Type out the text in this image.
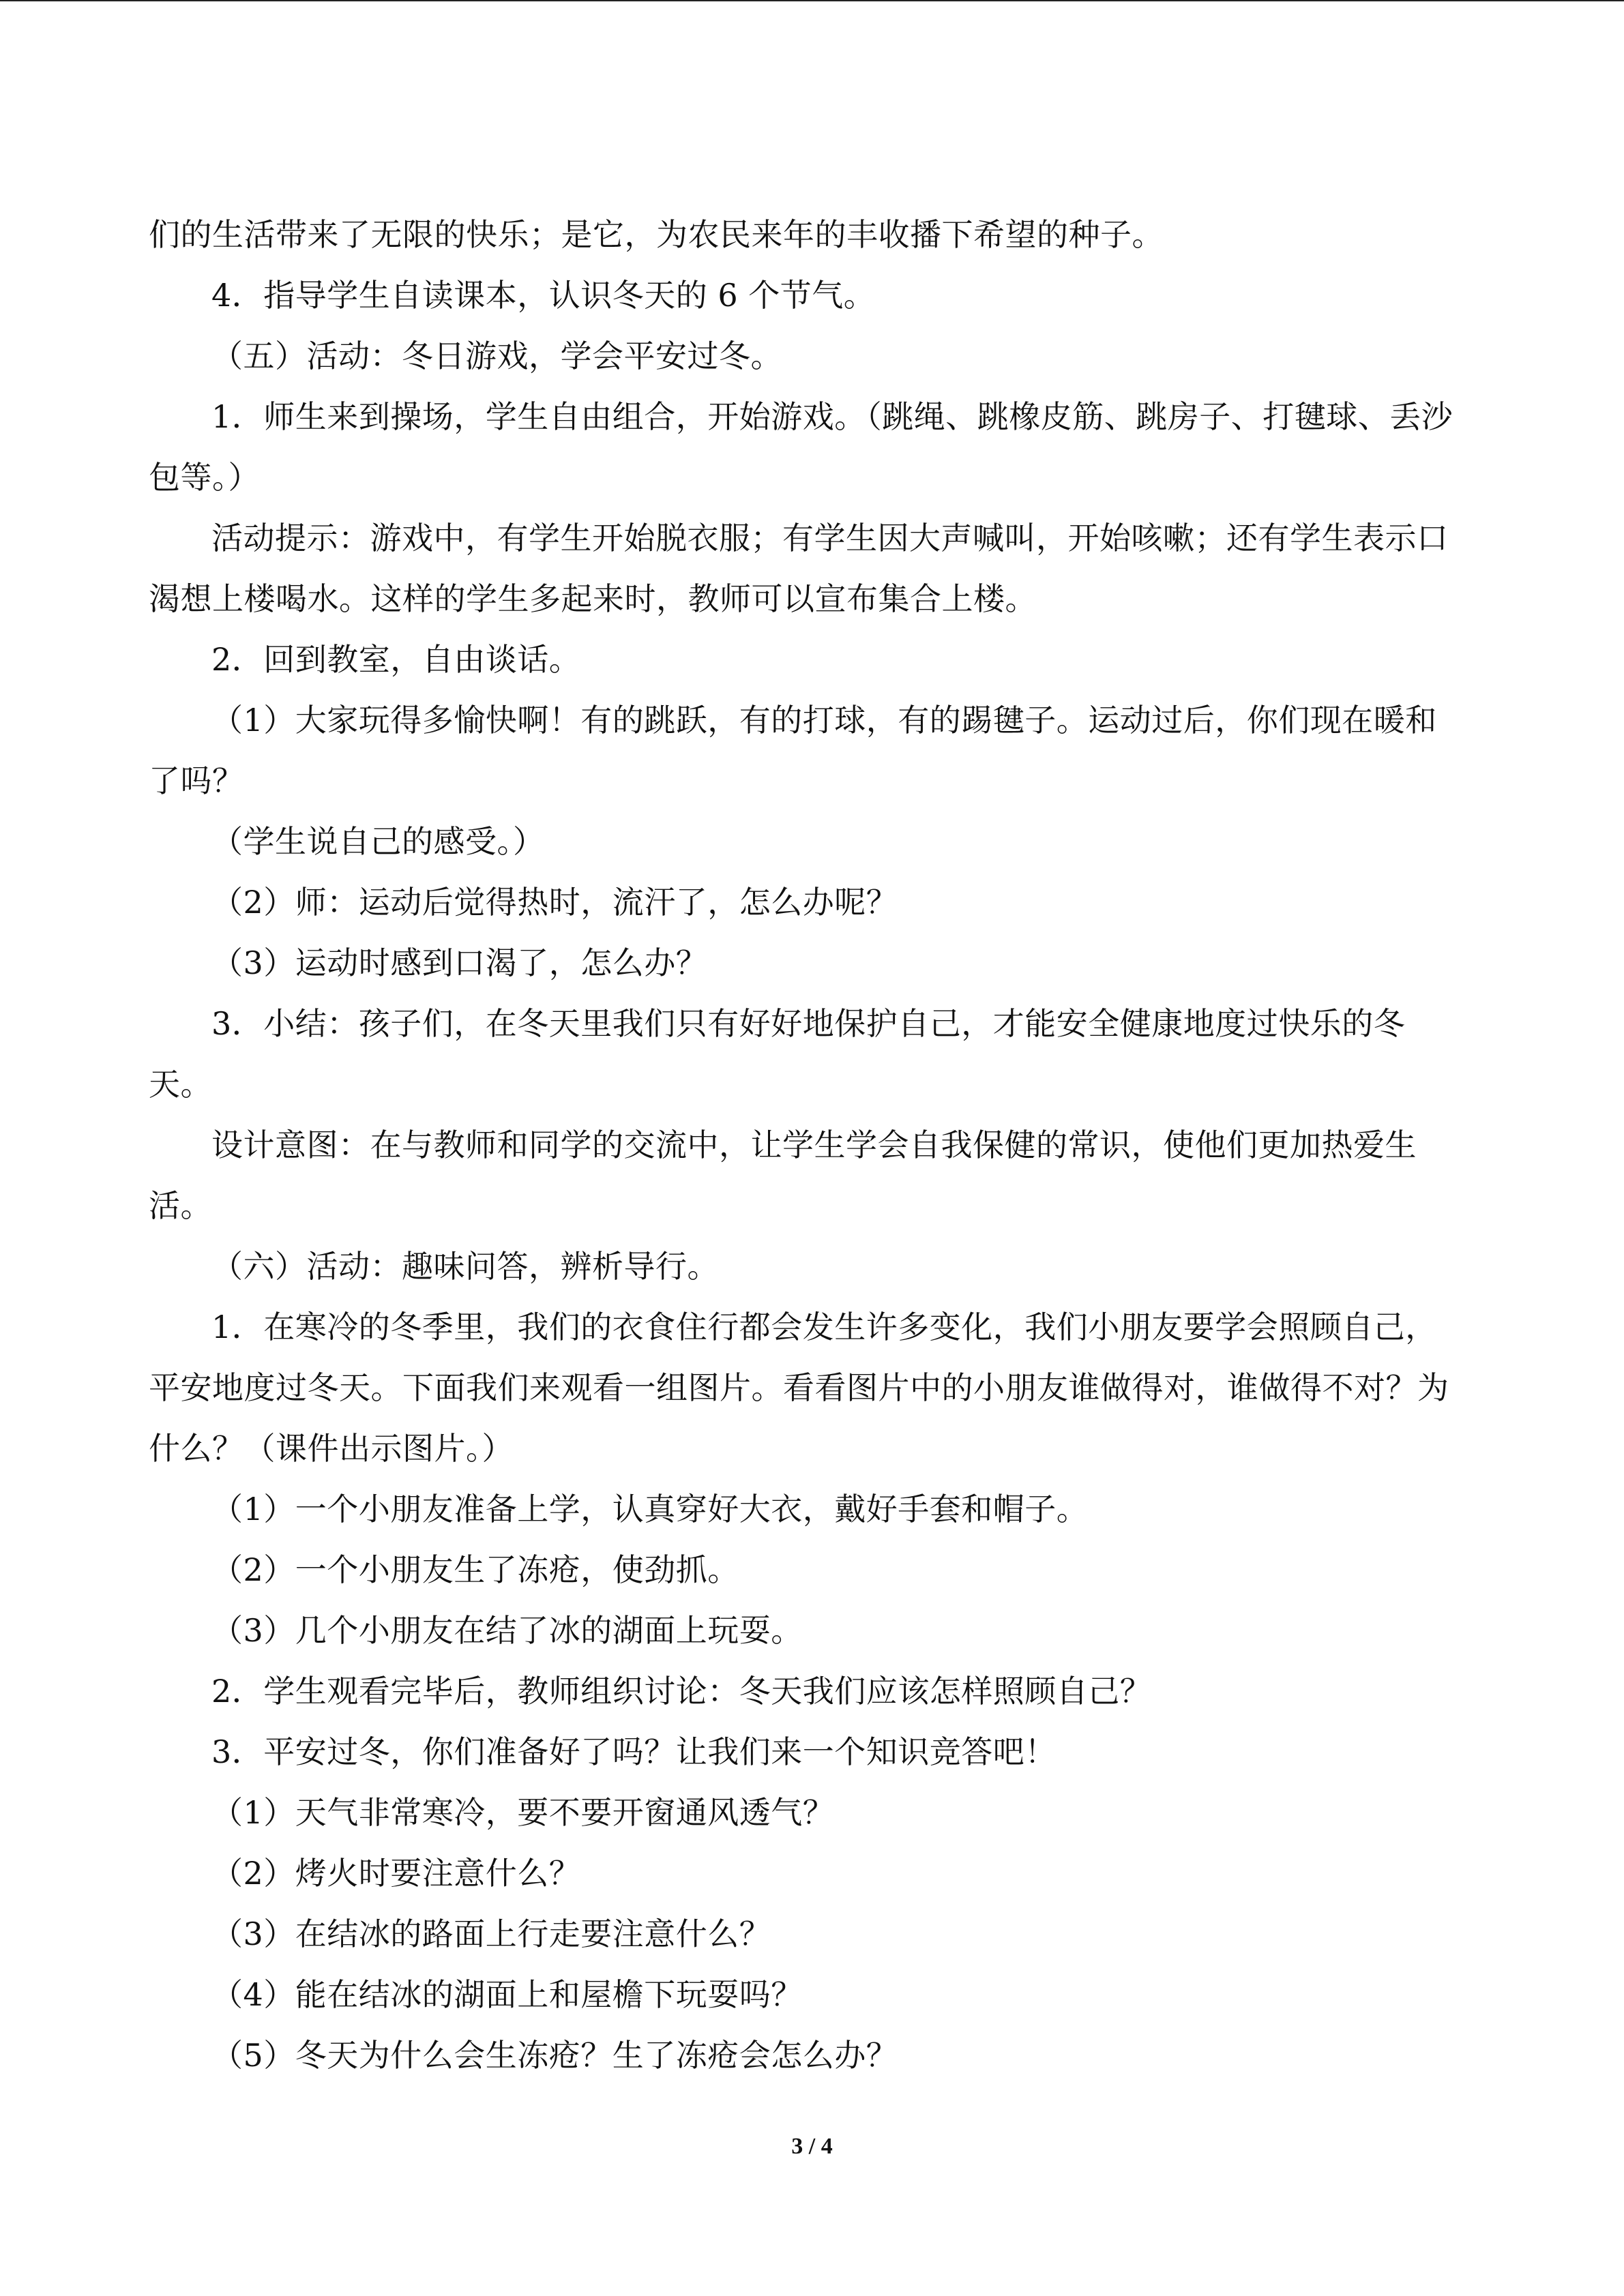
们的生活带来了无限的快乐；是它，为农民来年的丰收播下希望的种子。

4．指导学生自读课本，认识冬天的 6 个节气。

（五）活动：冬日游戏，学会平安过冬。

1．师生来到操场，学生自由组合，开始游戏。（跳绳、跳橡皮筋、跳房子、打毽球、丢沙包等。）

活动提示：游戏中，有学生开始脱衣服；有学生因大声喊叫，开始咳嗽；还有学生表示口渴想上楼喝水。这样的学生多起来时，教师可以宣布集合上楼。

2．回到教室，自由谈话。

（1）大家玩得多愉快啊！有的跳跃，有的打球，有的踢毽子。运动过后，你们现在暖和了吗？

（学生说自己的感受。）

（2）师：运动后觉得热时，流汗了，怎么办呢？

（3）运动时感到口渴了，怎么办？

3．小结：孩子们，在冬天里我们只有好好地保护自己，才能安全健康地度过快乐的冬天。

设计意图：在与教师和同学的交流中，让学生学会自我保健的常识，使他们更加热爱生活。

（六）活动：趣味问答，辨析导行。

1．在寒冷的冬季里，我们的衣食住行都会发生许多变化，我们小朋友要学会照顾自己，平安地度过冬天。下面我们来观看一组图片。看看图片中的小朋友谁做得对，谁做得不对？为什么？（课件出示图片。）

（1）一个小朋友准备上学，认真穿好大衣，戴好手套和帽子。

（2）一个小朋友生了冻疮，使劲抓。

（3）几个小朋友在结了冰的湖面上玩耍。

2．学生观看完毕后，教师组织讨论：冬天我们应该怎样照顾自己？

3．平安过冬，你们准备好了吗？让我们来一个知识竞答吧！

（1）天气非常寒冷，要不要开窗通风透气？

（2）烤火时要注意什么？

（3）在结冰的路面上行走要注意什么？

（4）能在结冰的湖面上和屋檐下玩耍吗？

（5）冬天为什么会生冻疮？生了冻疮会怎么办？

3 / 4
